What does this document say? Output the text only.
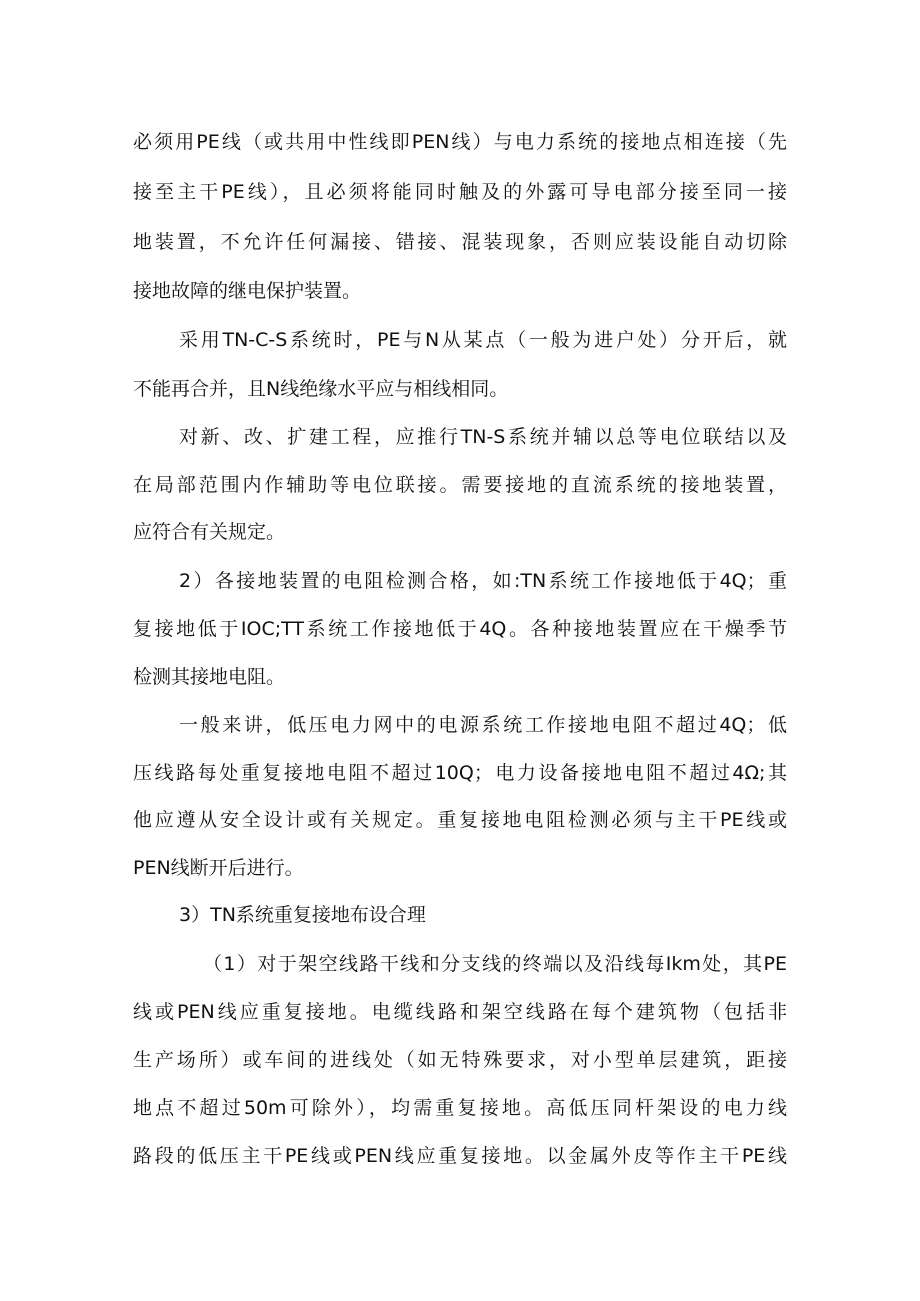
必须用PE线（或共用中性线即PEN线）与电力系统的接地点相连接（先
接至主干PE线），且必须将能同时触及的外露可导电部分接至同一接
地装置，不允许任何漏接、错接、混装现象，否则应装设能自动切除
接地故障的继电保护装置。
采用TN-C-S系统时，PE与N从某点（一般为进户处）分开后，就
不能再合并，且N线绝缘水平应与相线相同。
对新、改、扩建工程，应推行TN-S系统并辅以总等电位联结以及
在局部范围内作辅助等电位联接。需要接地的直流系统的接地装置，
应符合有关规定。
2）各接地装置的电阻检测合格，如:TN系统工作接地低于4Q；重
复接地低于IOC;TT系统工作接地低于4Q。各种接地装置应在干燥季节
检测其接地电阻。
一般来讲，低压电力网中的电源系统工作接地电阻不超过4Q；低
压线路每处重复接地电阻不超过10Q；电力设备接地电阻不超过4Ω;其
他应遵从安全设计或有关规定。重复接地电阻检测必须与主干PE线或
PEN线断开后进行。
3）TN系统重复接地布设合理
（1）对于架空线路干线和分支线的终端以及沿线每Ikm处，其PE
线或PEN线应重复接地。电缆线路和架空线路在每个建筑物（包括非
生产场所）或车间的进线处（如无特殊要求，对小型单层建筑，距接
地点不超过50m可除外），均需重复接地。高低压同杆架设的电力线
路段的低压主干PE线或PEN线应重复接地。以金属外皮等作主干PE线
